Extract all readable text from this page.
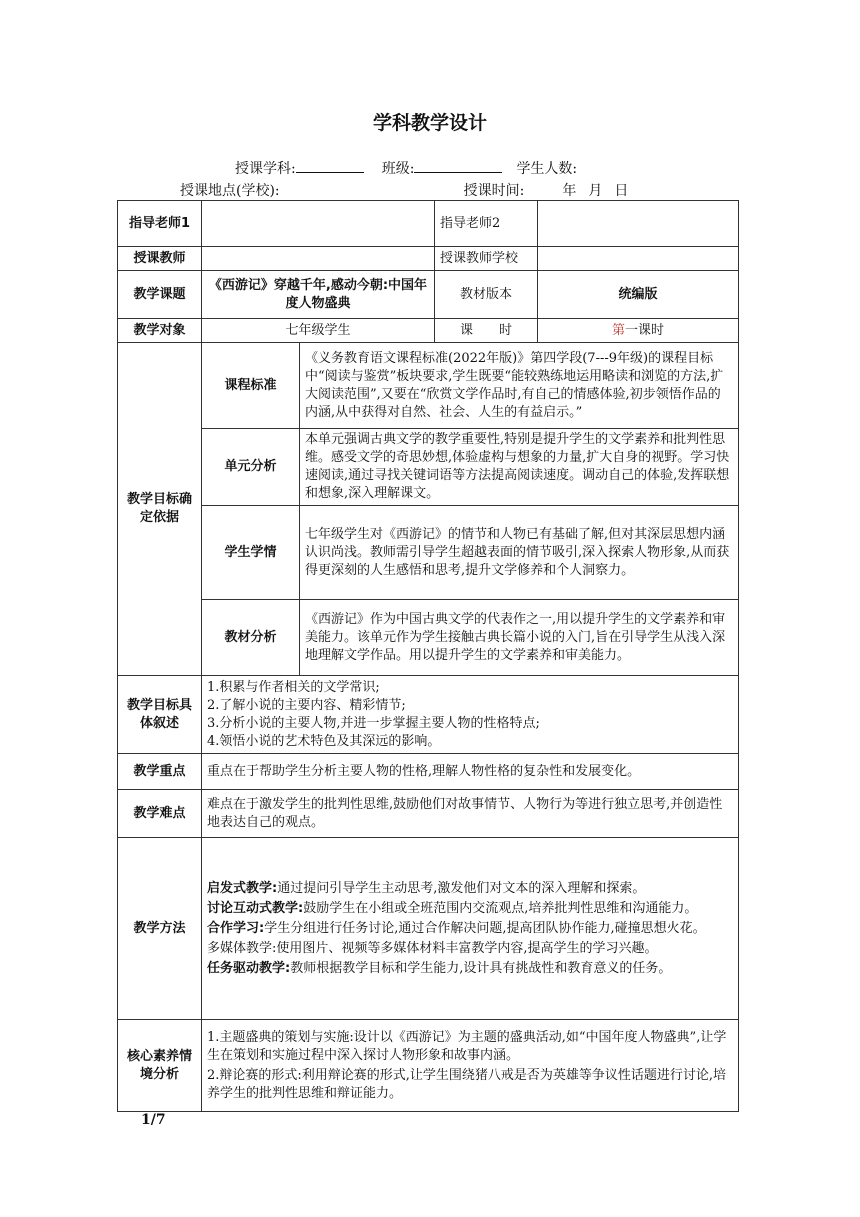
学科教学设计
授课学科:	班级:	学生人数:
授课地点(学校):	授课时间:	年 月 日
指导老师1			指导老师2	
授课教师			授课教师学校	
教学课题	《西游记》穿越千年,感动今朝:中国年度人物盛典		教材版本	统编版
教学对象	七年级学生		课　　时	第一课时
教学目标确定依据	课程标准	《义务教育语文课程标准(2022年版)》第四学段(7---9年级)的课程目标中“阅读与鉴赏”板块要求,学生既要“能较熟练地运用略读和浏览的方法,扩大阅读范围”,又要在“欣赏文学作品时,有自己的情感体验,初步领悟作品的内涵,从中获得对自然、社会、人生的有益启示。”		
	单元分析	本单元强调古典文学的教学重要性,特别是提升学生的文学素养和批判性思维。感受文学的奇思妙想,体验虚构与想象的力量,扩大自身的视野。学习快速阅读,通过寻找关键词语等方法提高阅读速度。调动自己的体验,发挥联想和想象,深入理解课文。		
	学生学情	七年级学生对《西游记》的情节和人物已有基础了解,但对其深层思想内涵认识尚浅。教师需引导学生超越表面的情节吸引,深入探索人物形象,从而获得更深刻的人生感悟和思考,提升文学修养和个人洞察力。		
	教材分析	《西游记》作为中国古典文学的代表作之一,用以提升学生的文学素养和审美能力。该单元作为学生接触古典长篇小说的入门,旨在引导学生从浅入深地理解文学作品。用以提升学生的文学素养和审美能力。		
教学目标具体叙述	1.积累与作者相关的文学常识;
2.了解小说的主要内容、精彩情节;
3.分析小说的主要人物,并进一步掌握主要人物的性格特点;
4.领悟小说的艺术特色及其深远的影响。			

教学重点	重点在于帮助学生分析主要人物的性格,理解人物性格的复杂性和发展变化。			
教学难点	难点在于激发学生的批判性思维,鼓励他们对故事情节、人物行为等进行独立思考,并创造性地表达自己的观点。			
教学方法	启发式教学:通过提问引导学生主动思考,激发他们对文本的深入理解和探索。

讨论互动式教学:鼓励学生在小组或全班范围内交流观点,培养批判性思维和沟通能力。

合作学习:学生分组进行任务讨论,通过合作解决问题,提高团队协作能力,碰撞思想火花。

多媒体教学:使用图片、视频等多媒体材料丰富教学内容,提高学生的学习兴趣。

任务驱动教学:教师根据教学目标和学生能力,设计具有挑战性和教育意义的任务。			

核心素养情境分析	1.主题盛典的策划与实施:设计以《西游记》为主题的盛典活动,如“中国年度人物盛典”,让学生在策划和实施过程中深入探讨人物形象和故事内涵。

2.辩论赛的形式:利用辩论赛的形式,让学生围绕猪八戒是否为英雄等争议性话题进行讨论,培养学生的批判性思维和辩证能力。			

1/7
